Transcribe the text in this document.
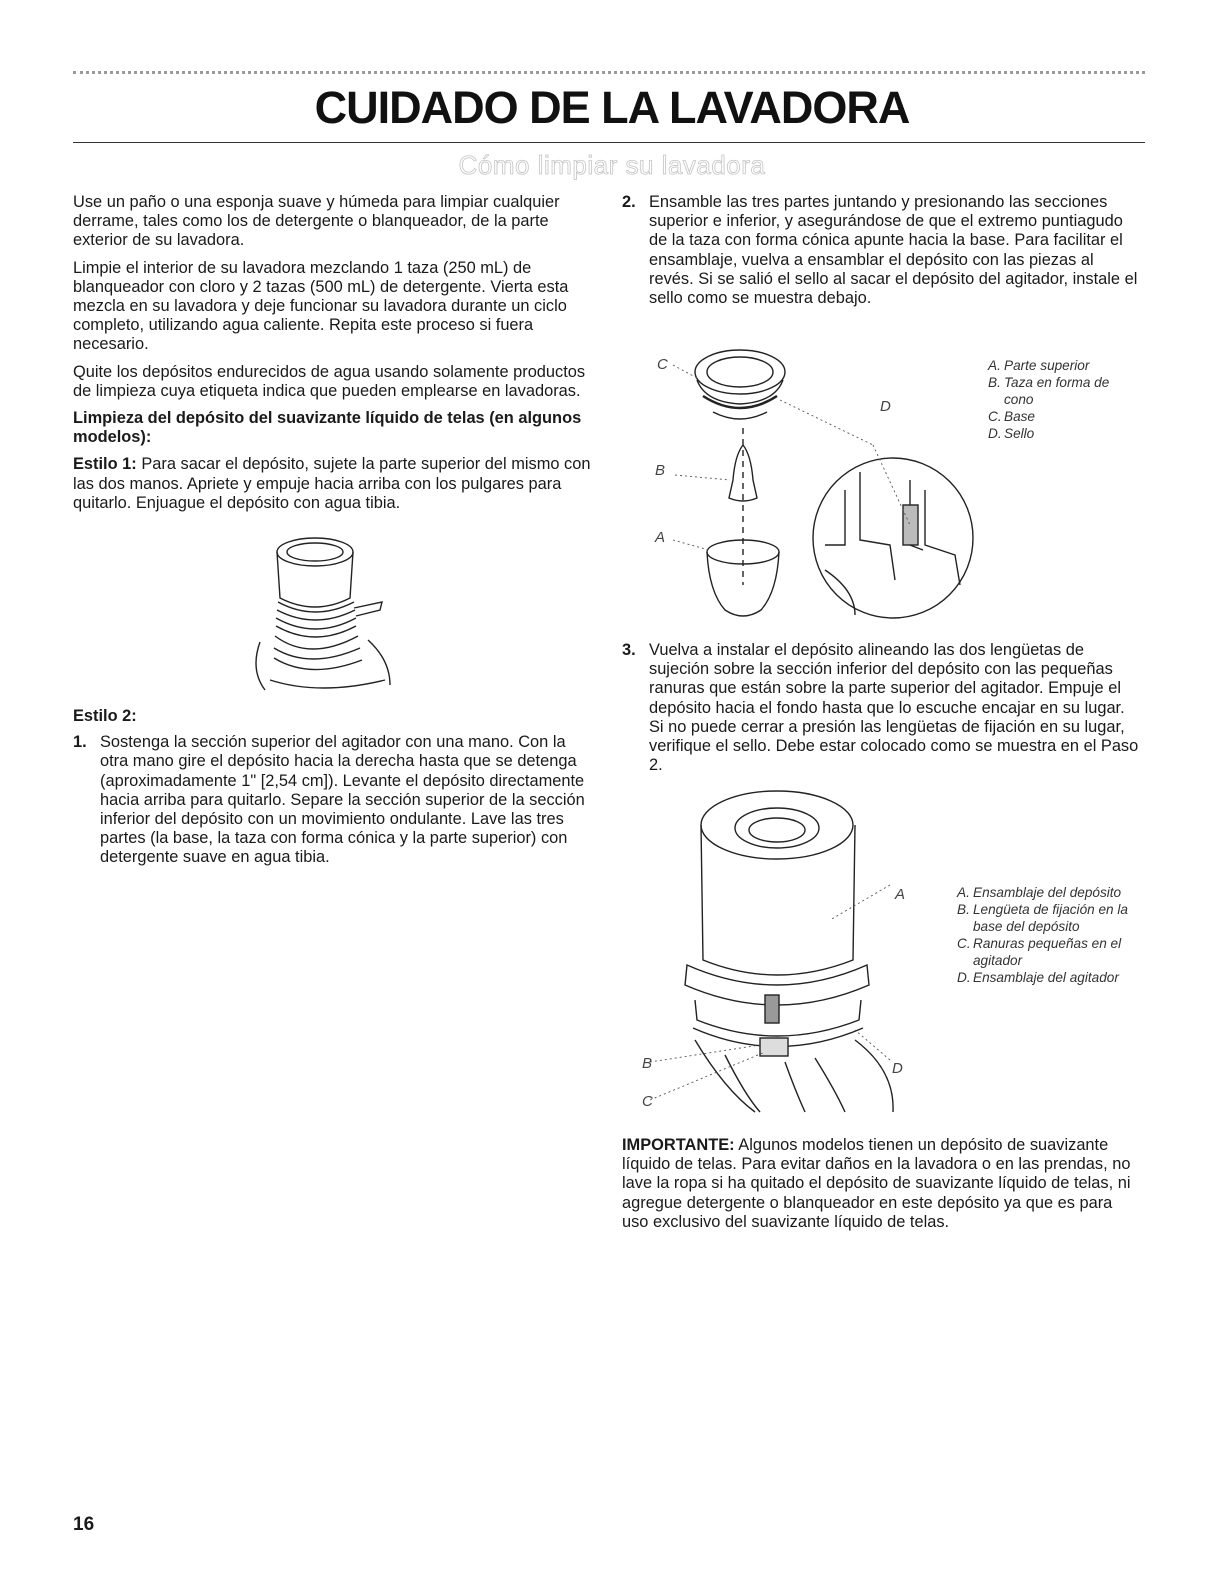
CUIDADO DE LA LAVADORA
Cómo limpiar su lavadora

Use un paño o una esponja suave y húmeda para limpiar cualquier derrame, tales como los de detergente o blanqueador, de la parte exterior de su lavadora.

Limpie el interior de su lavadora mezclando 1 taza (250 mL) de blanqueador con cloro y 2 tazas (500 mL) de detergente. Vierta esta mezcla en su lavadora y deje funcionar su lavadora durante un ciclo completo, utilizando agua caliente. Repita este proceso si fuera necesario.

Quite los depósitos endurecidos de agua usando solamente productos de limpieza cuya etiqueta indica que pueden emplearse en lavadoras.

Limpieza del depósito del suavizante líquido de telas (en algunos modelos):

Estilo 1: Para sacar el depósito, sujete la parte superior del mismo con las dos manos. Apriete y empuje hacia arriba con los pulgares para quitarlo. Enjuague el depósito con agua tibia.

Estilo 2:

1. Sostenga la sección superior del agitador con una mano. Con la otra mano gire el depósito hacia la derecha hasta que se detenga (aproximadamente 1" [2,54 cm]). Levante el depósito directamente hacia arriba para quitarlo. Separe la sección superior de la sección inferior del depósito con un movimiento ondulante. Lave las tres partes (la base, la taza con forma cónica y la parte superior) con detergente suave en agua tibia.
2. Ensamble las tres partes juntando y presionando las secciones superior e inferior, y asegurándose de que el extremo puntiagudo de la taza con forma cónica apunte hacia la base. Para facilitar el ensamblaje, vuelva a ensamblar el depósito con las piezas al revés. Si se salió el sello al sacar el depósito del agitador, instale el sello como se muestra debajo.
C
D
B
A
A. Parte superior
B. Taza en forma de cono
C. Base
D. Sello
3. Vuelva a instalar el depósito alineando las dos lengüetas de sujeción sobre la sección inferior del depósito con las pequeñas ranuras que están sobre la parte superior del agitador. Empuje el depósito hacia el fondo hasta que lo escuche encajar en su lugar. Si no puede cerrar a presión las lengüetas de fijación en su lugar, verifique el sello. Debe estar colocado como se muestra en el Paso 2.
A
B
C
D
A. Ensamblaje del depósito
B. Lengüeta de fijación en la base del depósito
C. Ranuras pequeñas en el agitador
D. Ensamblaje del agitador

IMPORTANTE: Algunos modelos tienen un depósito de suavizante líquido de telas. Para evitar daños en la lavadora o en las prendas, no lave la ropa si ha quitado el depósito de suavizante líquido de telas, ni agregue detergente o blanqueador en este depósito ya que es para uso exclusivo del suavizante líquido de telas.

16
